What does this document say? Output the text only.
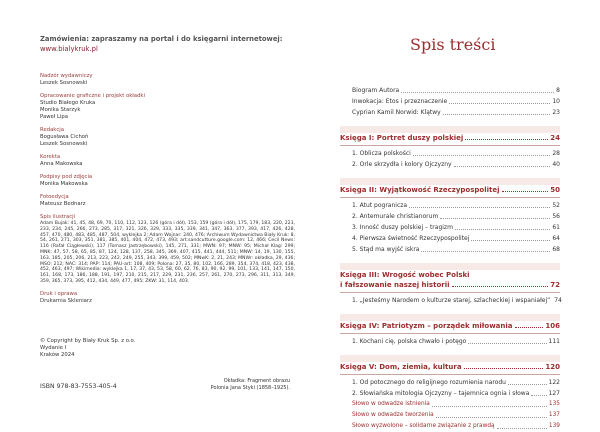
Zamówienia: zapraszamy na portal i do księgarni internetowej:
www.bialykruk.pl
Nadzór wydawniczy
Leszek Sosnowski
Opracowanie graficzne i projekt okładki
Studio Białego Kruka
Monika Starzyk
Paweł Lipa
Redakcja
Bogusława Cichoń
Leszek Sosnowski
Korekta
Anna Makowska
Podpisy pod zdjęcia
Monika Makowska
Fotoedycja
Mateusz Bednarz
Spis ilustracji
Adam Bujak: 41, 45, 48, 69, 70, 110, 112, 123, 126 (góra i dół), 153, 159 (góra i dół), 175, 179, 183, 220, 223, 233, 234, 245, 266, 273, 285, 317, 321, 326, 329, 333, 335, 339, 341, 347, 363, 377, 393, 417, 426, 428, 457, 470, 480, 483, 485, 487, 504, wyklejka 2; Adam Wojnar: 240, 476; Archiwum Wydawnictwa Biały Kruk: 8, 54, 261, 271, 303, 351, 381, 385, 401, 404, 472, 473, 493; art.sandcutture.google.com: 12, 466; Cecil News: 116 (Rafał Ciągłewski), 117 (Tomasz Jastrzębowski), 145, 271, 331; MWN: 97; MNW: 95; Michał Klag: 299; MNK: 47, 57, 58, 65, 85, 87, 124, 128, 137, 258, 345, 369, 407, 415, 441, 444, 511; MNW: 14, 19, 130, 155, 163, 185, 205, 206, 213, 223, 242, 249, 255, 343, 399, 459, 502; MNwK: 2, 21, 243; MNWr: okładka, 29, 436; MSO: 212; NAC: 314; PAP: 114; PAU-art: 108, 409; Polona: 27, 35, 80, 102, 166, 289, 354, 374, 418, 423, 438, 452, 463, 497; Wikimedia: wyklejka 1, 17, 37, 43, 53, 58, 60, 62, 76, 83, 90, 92, 99, 101, 133, 141, 147, 150, 161, 168, 173, 186, 188, 191, 197, 210, 215, 217, 229, 231, 236, 257, 261, 270, 273, 296, 311, 313, 349, 359, 365, 373, 395, 412, 434, 449, 477, 495; ZKW: 31, 114, 403.
Druk i oprawa
Drukarnia Skleniarz
© Copyright by Biały Kruk Sp. z o.o.
Wydanie I
Kraków 2024
ISBN 978-83-7553-405-4
Okładka: Fragment obrazu
Polonia Jana Styki (1858–1925).
Spis treści
Biogram Autora	8
Inwokacja: Etos i przeznaczenie	10
Cyprian Kamil Norwid: Klątwy	23
Księga I: Portret duszy polskiej	24
1. Oblicza polskości	28
2. Orle skrzydła i kolory Ojczyzny	40
Księga II: Wyjątkowość Rzeczypospolitej	50
1. Atut pogranicza	52
2. Antemurale christianorum	56
3. Inność duszy polskiej – tragizm	61
4. Pierwsza świetność Rzeczypospolitej	64
5. Stąd ma wyjść iskra	68
Księga III: Wrogość wobec Polski
i fałszowanie naszej historii	72
1. „Jesteśmy Narodem o kulturze starej, szlacheckiej i wspaniałej” 74
Księga IV: Patriotyzm – porządek miłowania	106
1. Kochani cię, polska chwało i potęgo	111
Księga V: Dom, ziemia, kultura	120
1. Od potocznego do religijnego rozumienia narodu	122
2. Słowiańska mitologia Ojczyzny – tajemnica ognia i słowa	127
Słowo w odwadze istnienia	135
Słowo w odwadze tworzenia	137
Słowo wyzwolone – solidarne związanie z prawdą	139
